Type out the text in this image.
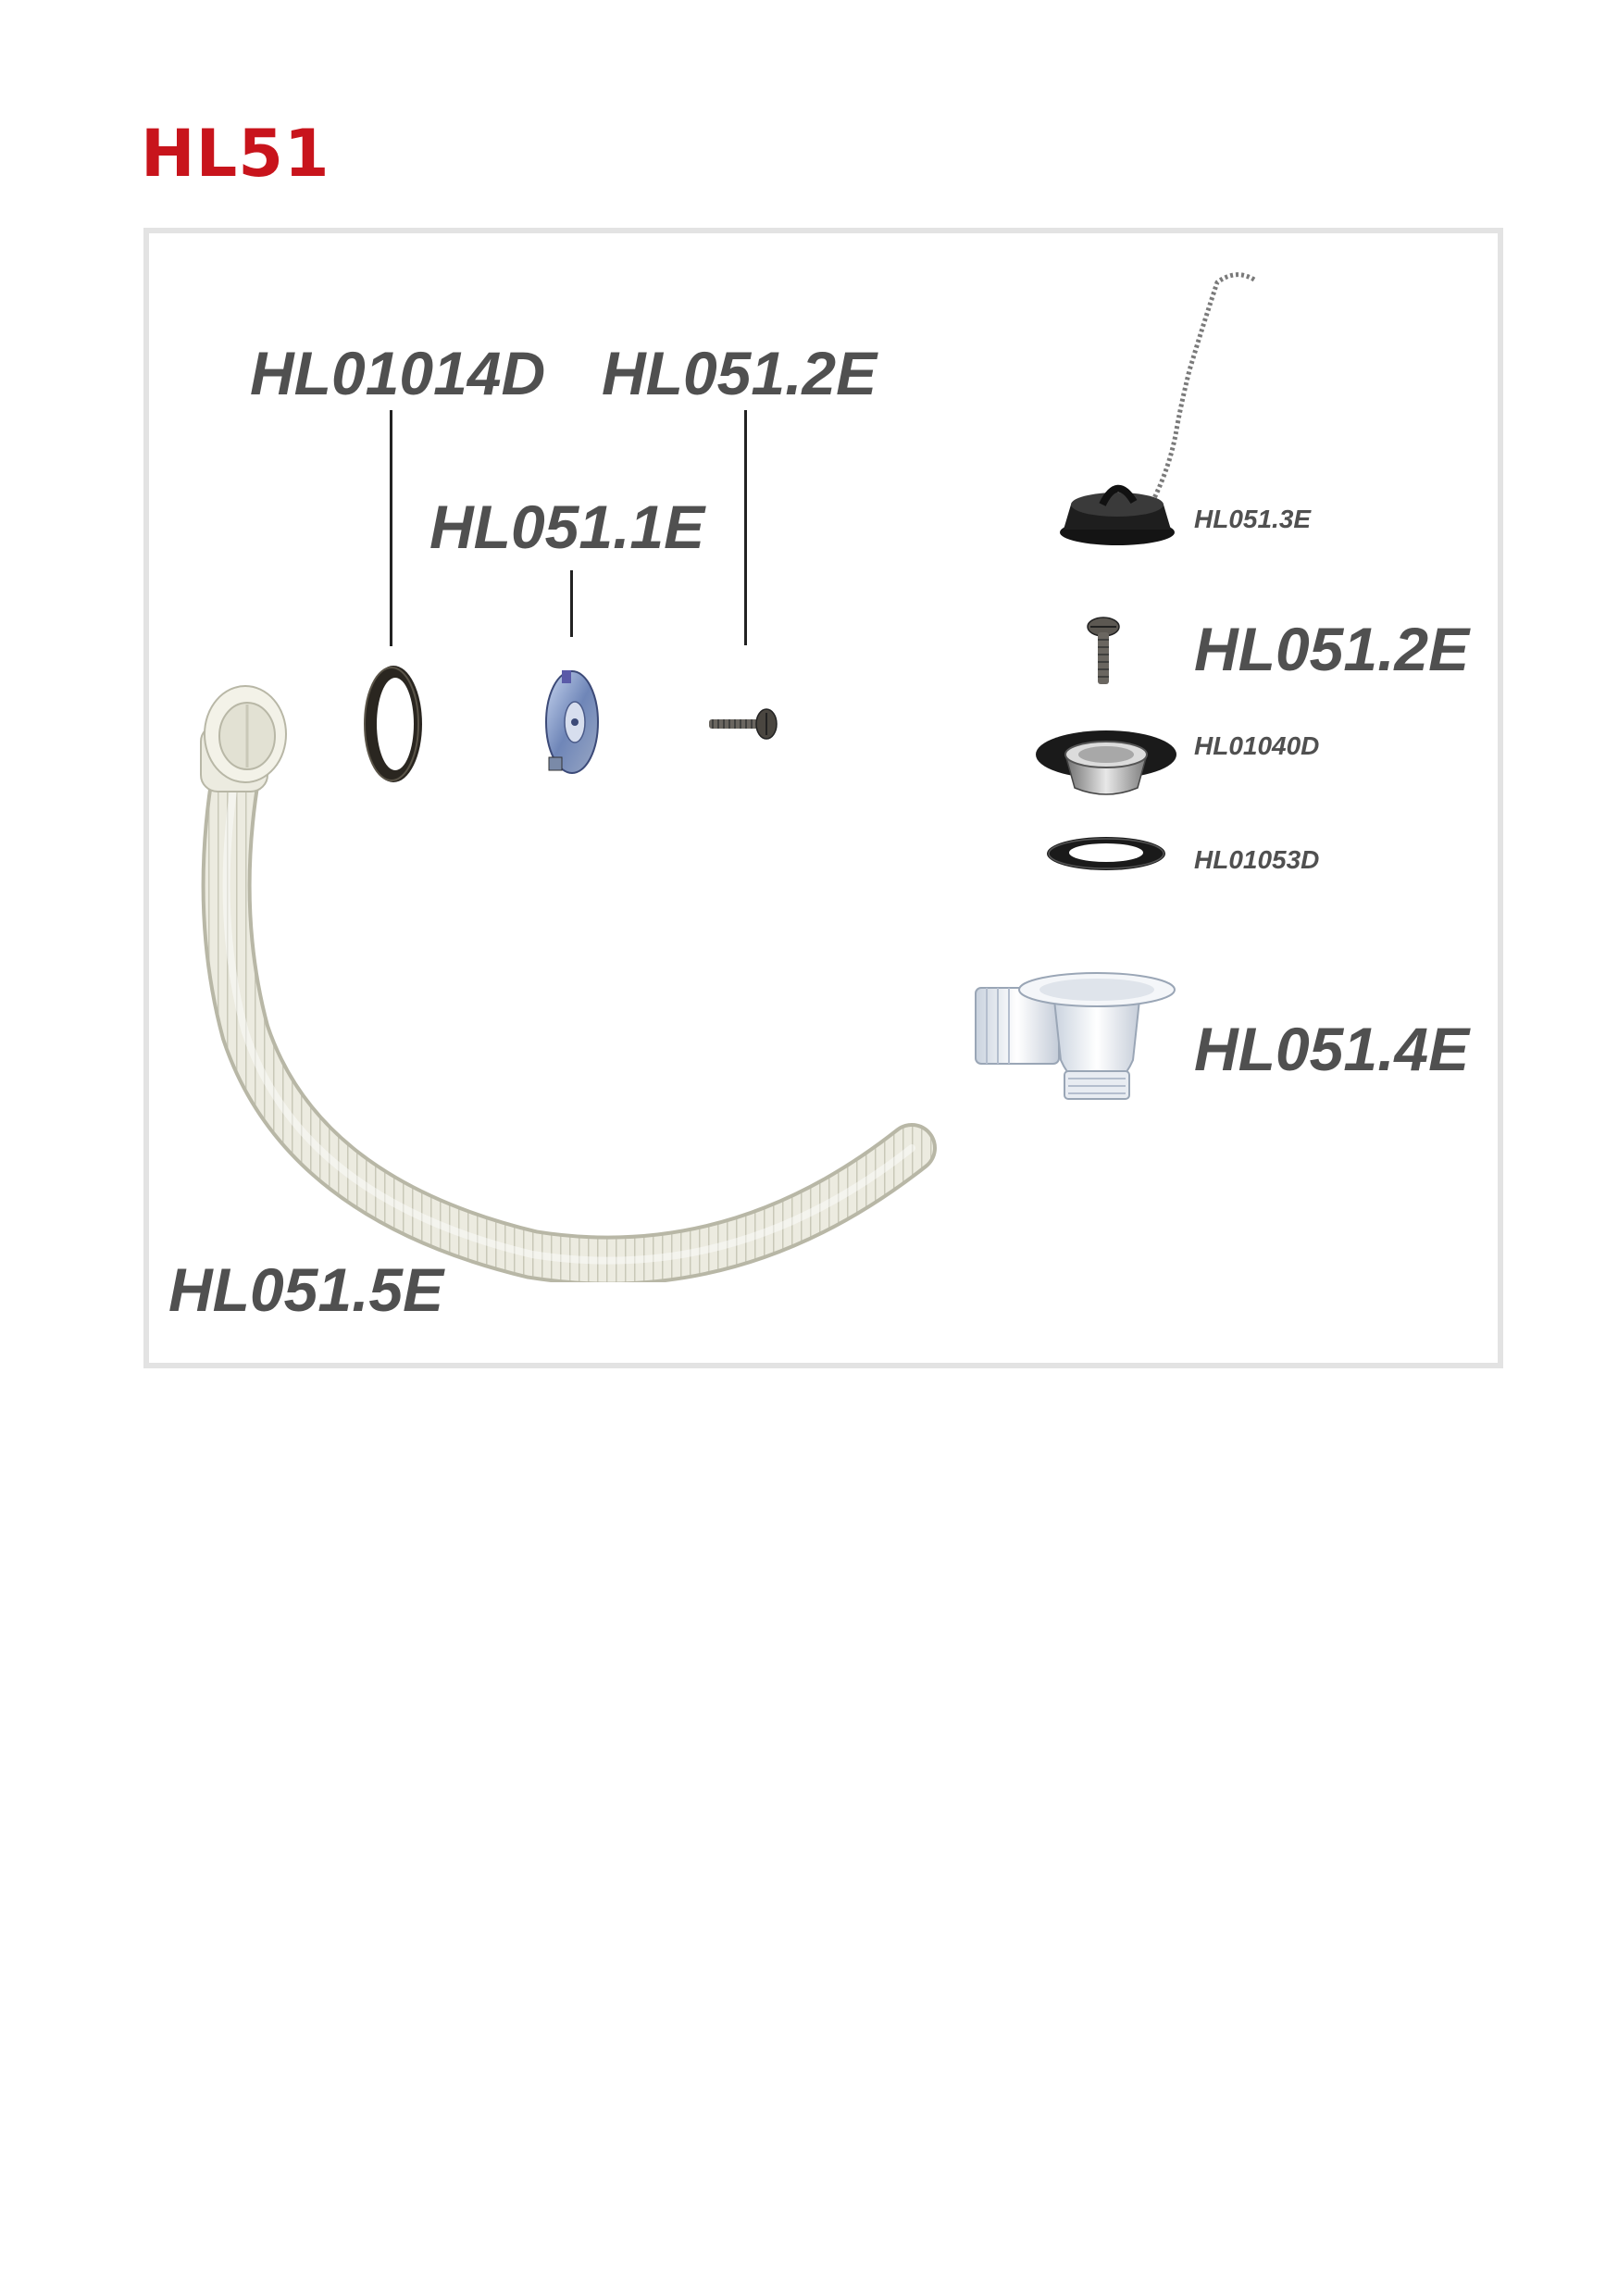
HL51
HL01014D HL051.2E
HL051.1E	HL051.3E
HL051.2E
HL01040D
HL01053D
HL051.4E
HL051.5E
